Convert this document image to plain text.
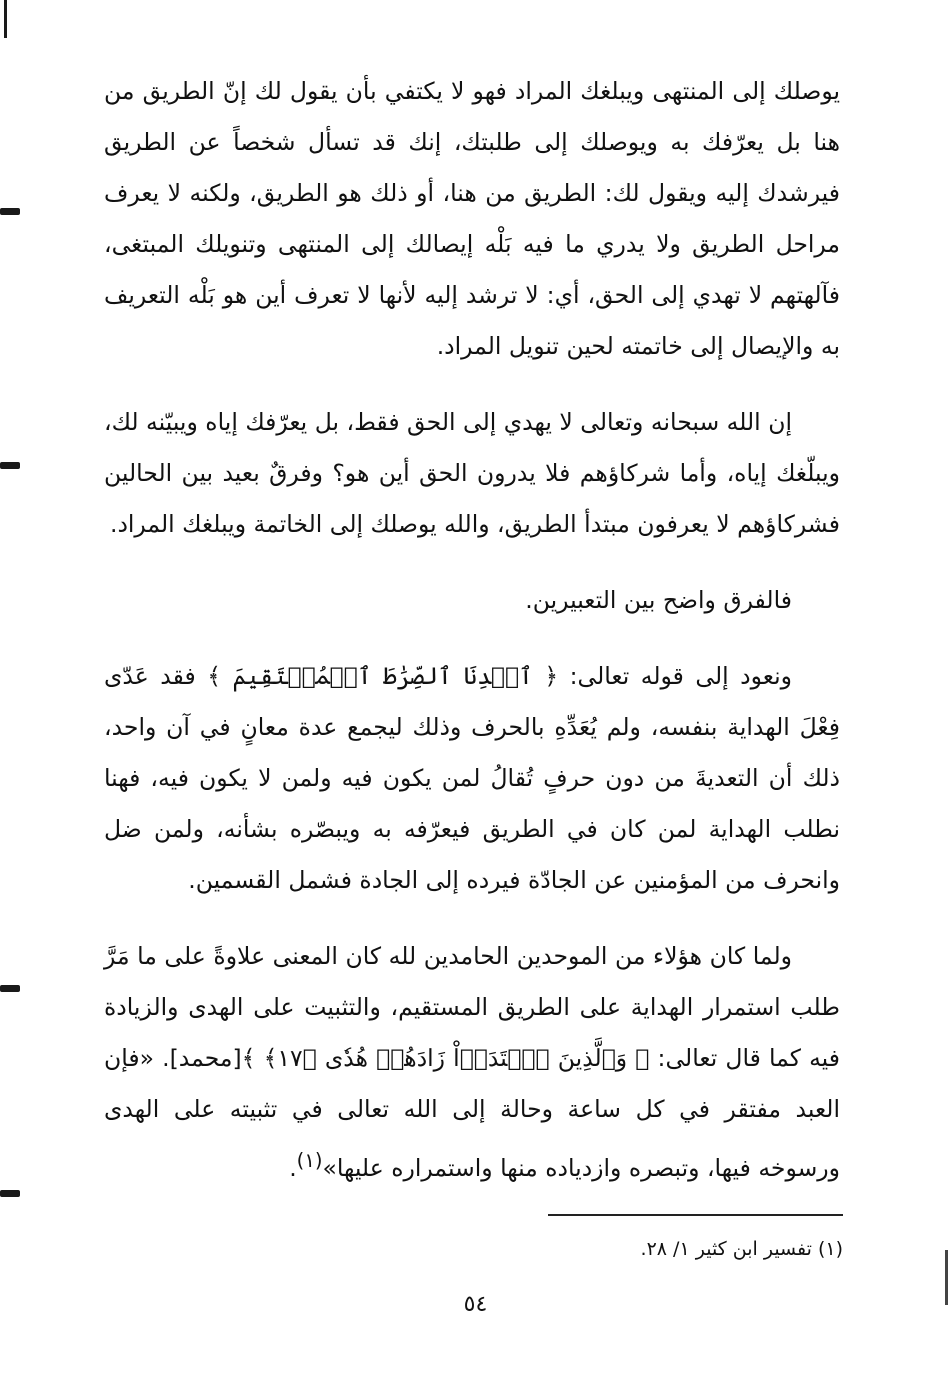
يوصلك إلى المنتهى ويبلغك المراد فهو لا يكتفي بأن يقول لك إنّ الطريق من هنا بل يعرّفك به ويوصلك إلى طلبتك، إنك قد تسأل شخصاً عن الطريق فيرشدك إليه ويقول لك: الطريق من هنا، أو ذلك هو الطريق، ولكنه لا يعرف مراحل الطريق ولا يدري ما فيه بَلْه إيصالك إلى المنتهى وتنويلك المبتغى، فآلهتهم لا تهدي إلى الحق، أي: لا ترشد إليه لأنها لا تعرف أين هو بَلْه التعريف به والإيصال إلى خاتمته لحين تنويل المراد.

إن الله سبحانه وتعالى لا يهدي إلى الحق فقط، بل يعرّفك إياه ويبيّنه لك، ويبلّغك إياه، وأما شركاؤهم فلا يدرون الحق أين هو؟ وفرقٌ بعيد بين الحالين فشركاؤهم لا يعرفون مبتدأ الطريق، والله يوصلك إلى الخاتمة ويبلغك المراد.

فالفرق واضح بين التعبيرين.

ونعود إلى قوله تعالى: ﴿ ٱهۡدِنَا ٱلصِّرَٰطَ ٱلۡمُسۡتَقِيمَ ﴾ فقد عَدّى فِعْلَ الهداية بنفسه، ولم يُعَدِّهِ بالحرف وذلك ليجمع عدة معانٍ في آن واحد، ذلك أن التعديةَ من دون حرفٍ تُقالُ لمن يكون فيه ولمن لا يكون فيه، فهنا نطلب الهداية لمن كان في الطريق فيعرّفه به ويبصّره بشأنه، ولمن ضل وانحرف من المؤمنين عن الجادّة فيرده إلى الجادة فشمل القسمين.

ولما كان هؤلاء من الموحدين الحامدين لله كان المعنى علاوةً على ما مَرَّ طلب استمرار الهداية على الطريق المستقيم، والتثبيت على الهدى والزيادة فيه كما قال تعالى: ﴿ وَٱلَّذِينَ ٱهۡتَدَوۡاْ زَادَهُمۡ هُدٗى ﴿١٧﴾ ﴾[محمد]. «فإن العبد مفتقر في كل ساعة وحالة إلى الله تعالى في تثبيته على الهدى ورسوخه فيها، وتبصره وازدياده منها واستمراره عليها»$^{(١)}$.

(١) تفسير ابن كثير ١/ ٢٨.
٥٤
